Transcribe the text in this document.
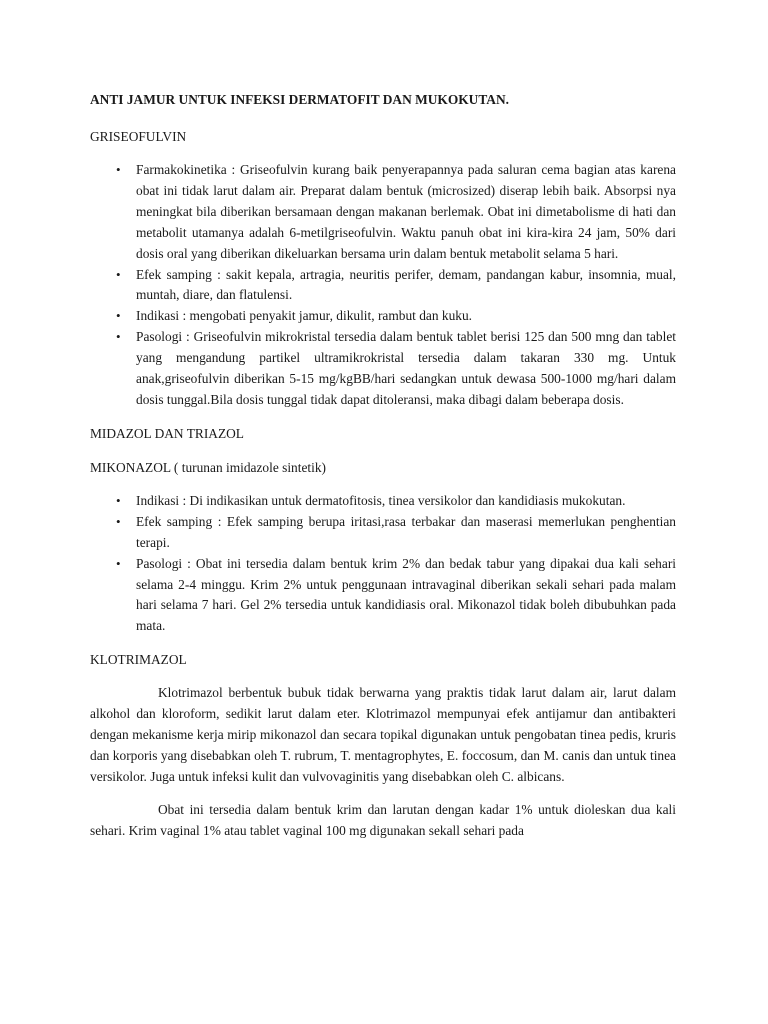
ANTI JAMUR UNTUK INFEKSI DERMATOFIT DAN MUKOKUTAN.

GRISEOFULVIN

• Farmakokinetika : Griseofulvin kurang baik penyerapannya pada saluran cema bagian atas karena obat ini tidak larut dalam air. Preparat dalam bentuk (microsized) diserap lebih baik. Absorpsi nya meningkat bila diberikan bersamaan dengan makanan berlemak. Obat ini dimetabolisme di hati dan metabolit utamanya adalah 6-metilgriseofulvin. Waktu panuh obat ini kira-kira 24 jam, 50% dari dosis oral yang diberikan dikeluarkan bersama urin dalam bentuk metabolit selama 5 hari.
• Efek samping : sakit kepala, artragia, neuritis perifer, demam, pandangan kabur, insomnia, mual, muntah, diare, dan flatulensi.
• Indikasi : mengobati penyakit jamur, dikulit, rambut dan kuku.
• Pasologi : Griseofulvin mikrokristal tersedia dalam bentuk tablet berisi 125 dan 500 mng dan tablet yang mengandung partikel ultramikrokristal tersedia dalam takaran 330 mg. Untuk anak,griseofulvin diberikan 5-15 mg/kgBB/hari sedangkan untuk dewasa 500-1000 mg/hari dalam dosis tunggal.Bila dosis tunggal tidak dapat ditoleransi, maka dibagi dalam beberapa dosis.

MIDAZOL DAN TRIAZOL

MIKONAZOL ( turunan imidazole sintetik)

• Indikasi : Di indikasikan untuk dermatofitosis, tinea versikolor dan kandidiasis mukokutan.
• Efek samping : Efek samping berupa iritasi,rasa terbakar dan maserasi memerlukan penghentian terapi.
• Pasologi : Obat ini tersedia dalam bentuk krim 2% dan bedak tabur yang dipakai dua kali sehari selama 2-4 minggu. Krim 2% untuk penggunaan intravaginal diberikan sekali sehari pada malam hari selama 7 hari. Gel 2% tersedia untuk kandidiasis oral. Mikonazol tidak boleh dibubuhkan pada mata.

KLOTRIMAZOL

Klotrimazol berbentuk bubuk tidak berwarna yang praktis tidak larut dalam air, larut dalam alkohol dan kloroform, sedikit larut dalam eter. Klotrimazol mempunyai efek antijamur dan antibakteri dengan mekanisme kerja mirip mikonazol dan secara topikal digunakan untuk pengobatan tinea pedis, kruris dan korporis yang disebabkan oleh T. rubrum, T. mentagrophytes, E. foccosum, dan M. canis dan untuk tinea versikolor. Juga untuk infeksi kulit dan vulvovaginitis yang disebabkan oleh C. albicans.

Obat ini tersedia dalam bentuk krim dan larutan dengan kadar 1% untuk dioleskan dua kali sehari. Krim vaginal 1% atau tablet vaginal 100 mg digunakan sekall sehari pada
